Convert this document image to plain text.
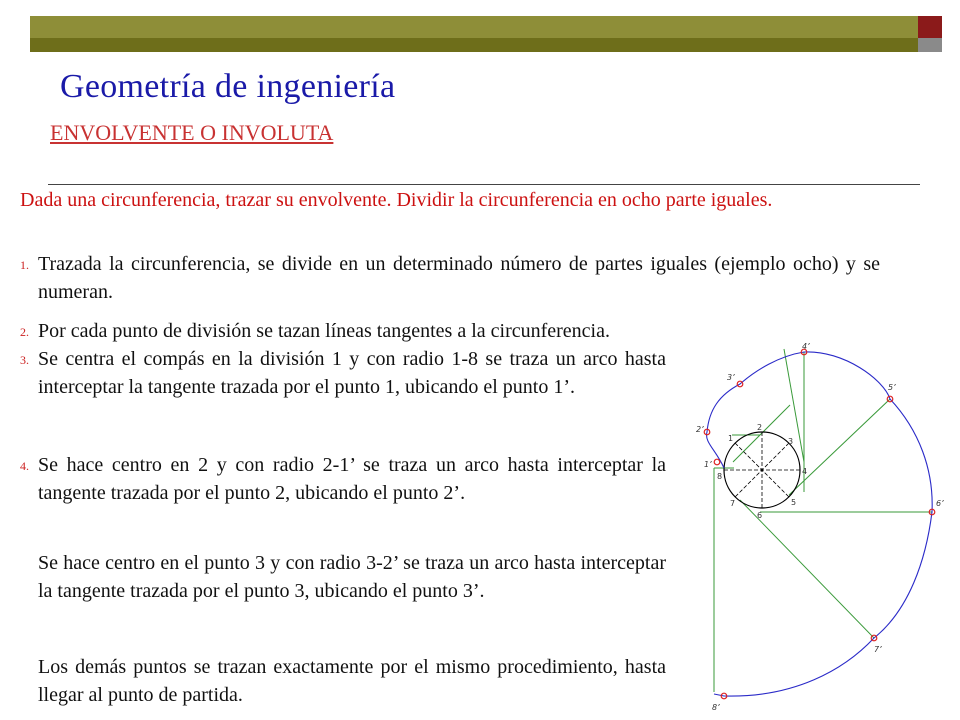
Geometría de ingeniería
ENVOLVENTE O INVOLUTA
Dada una circunferencia, trazar su envolvente. Dividir la circunferencia en ocho parte iguales.
1. Trazada la circunferencia, se divide en un determinado número de partes iguales (ejemplo ocho) y se numeran.
2. Por cada punto de división se tazan líneas tangentes a la circunferencia.
3. Se centra el compás en la división 1 y con radio 1-8 se traza un arco hasta interceptar la tangente trazada por el punto 1, ubicando el punto 1’.
4. Se hace centro en 2 y con radio 2-1’ se traza un arco hasta interceptar la tangente trazada por el punto 2, ubicando el punto 2’.
Se hace centro en el punto 3 y con radio 3-2’ se traza un arco hasta interceptar la tangente trazada por el punto 3, ubicando el punto 3’.
Los demás puntos se trazan exactamente por el mismo procedimiento, hasta llegar al punto de partida.
1
2
3
4
5
6
7
8
1’
2’
3’
4’
5’
6’
7’
8’
